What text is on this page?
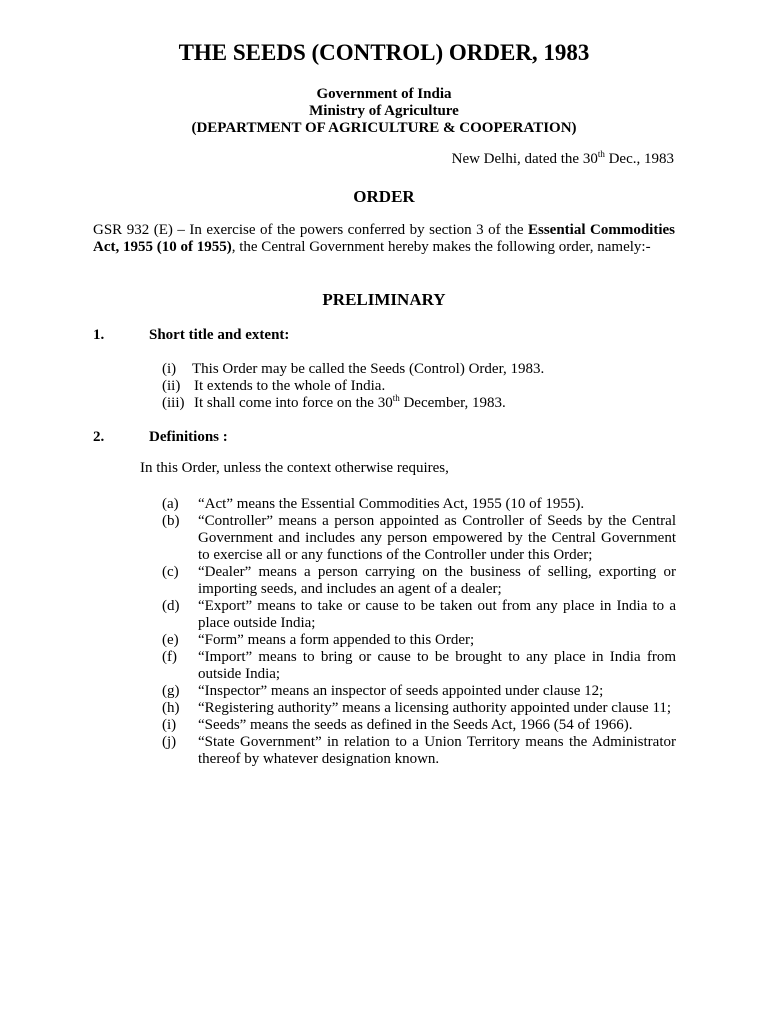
THE SEEDS (CONTROL) ORDER, 1983
Government of India
Ministry of Agriculture
(DEPARTMENT OF AGRICULTURE & COOPERATION)
New Delhi, dated the 30th Dec., 1983
ORDER
GSR 932 (E) – In exercise of the powers conferred by section 3 of the Essential Commodities Act, 1955 (10 of 1955), the Central Government hereby makes the following order, namely:-
PRELIMINARY
1.	Short title and extent:
(i) This Order may be called the Seeds (Control) Order, 1983.
(ii) It extends to the whole of India.
(iii) It shall come into force on the 30th December, 1983.
2.	Definitions :
In this Order, unless the context otherwise requires,
(a) “Act” means the Essential Commodities Act, 1955 (10 of 1955).
(b) “Controller” means a person appointed as Controller of Seeds by the Central Government and includes any person empowered by the Central Government to exercise all or any functions of the Controller under this Order;
(c) “Dealer” means a person carrying on the business of selling, exporting or importing seeds, and includes an agent of a dealer;
(d) “Export” means to take or cause to be taken out from any place in India to a place outside India;
(e) “Form” means a form appended to this Order;
(f) “Import” means to bring or cause to be brought to any place in India from outside India;
(g) “Inspector” means an inspector of seeds appointed under clause 12;
(h) “Registering authority” means a licensing authority appointed under clause 11;
(i) “Seeds” means the seeds as defined in the Seeds Act, 1966 (54 of 1966).
(j) “State Government” in relation to a Union Territory means the Administrator thereof by whatever designation known.
